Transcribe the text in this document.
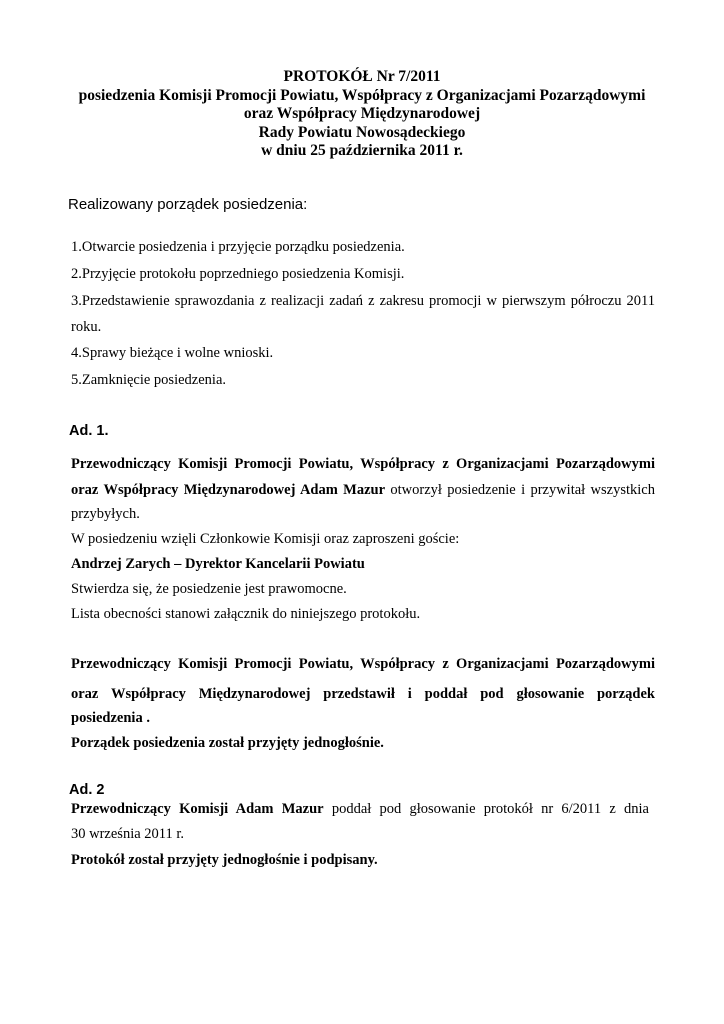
PROTOKÓŁ Nr 7/2011
posiedzenia Komisji Promocji Powiatu, Współpracy z Organizacjami Pozarządowymi
oraz Współpracy Międzynarodowej
Rady Powiatu Nowosądeckiego
w dniu 25 października 2011 r.
Realizowany porządek posiedzenia:
1.Otwarcie posiedzenia i przyjęcie porządku posiedzenia.
2.Przyjęcie protokołu poprzedniego posiedzenia Komisji.
3.Przedstawienie sprawozdania z realizacji zadań z zakresu promocji w pierwszym półroczu 2011
roku.
4.Sprawy bieżące i wolne wnioski.
5.Zamknięcie posiedzenia.
Ad. 1.
Przewodniczący Komisji Promocji Powiatu, Współpracy z Organizacjami Pozarządowymi
oraz Współpracy Międzynarodowej Adam Mazur otworzył posiedzenie i przywitał wszystkich
przybyłych.
W posiedzeniu wzięli Członkowie Komisji oraz zaproszeni goście:
Andrzej Zarych – Dyrektor Kancelarii Powiatu
Stwierdza się, że posiedzenie jest prawomocne.
Lista obecności stanowi załącznik do niniejszego protokołu.
Przewodniczący Komisji Promocji Powiatu, Współpracy z Organizacjami Pozarządowymi
oraz Współpracy Międzynarodowej przedstawił i poddał pod głosowanie porządek
posiedzenia .
Porządek posiedzenia został przyjęty jednogłośnie.
Ad. 2
Przewodniczący Komisji Adam Mazur poddał pod głosowanie protokół nr 6/2011 z dnia
30 września 2011 r.
Protokół został przyjęty jednogłośnie i podpisany.
